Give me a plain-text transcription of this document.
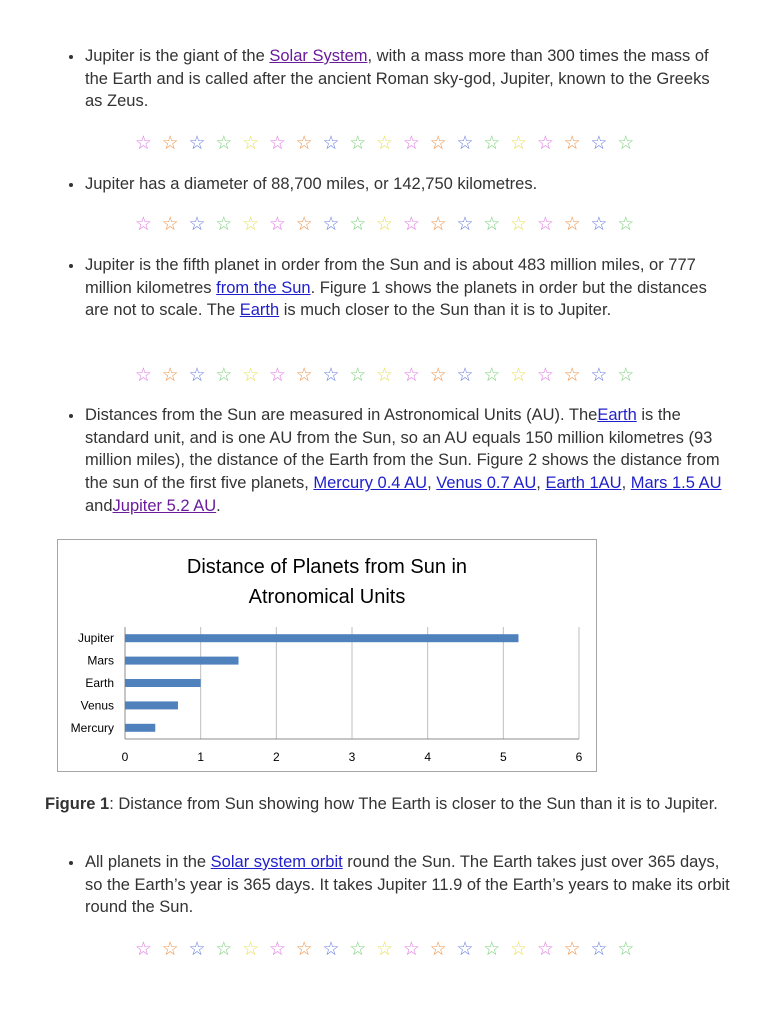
Jupiter is the giant of the Solar System, with a mass more than 300 times the mass of the Earth and is called after the ancient Roman sky-god, Jupiter, known to the Greeks as Zeus.
☆ ☆ ☆ ☆ ☆ ☆ ☆ ☆ ☆ ☆ ☆ ☆ ☆ ☆ ☆ ☆ ☆ ☆ ☆
Jupiter has a diameter of 88,700 miles, or 142,750 kilometres.
☆ ☆ ☆ ☆ ☆ ☆ ☆ ☆ ☆ ☆ ☆ ☆ ☆ ☆ ☆ ☆ ☆ ☆ ☆
Jupiter is the fifth planet in order from the Sun and is about 483 million miles, or 777 million kilometres from the Sun. Figure 1 shows the planets in order but the distances are not to scale. The Earth is much closer to the Sun than it is to Jupiter.
☆ ☆ ☆ ☆ ☆ ☆ ☆ ☆ ☆ ☆ ☆ ☆ ☆ ☆ ☆ ☆ ☆ ☆ ☆
Distances from the Sun are measured in Astronomical Units (AU). TheEarth is the standard unit, and is one AU from the Sun, so an AU equals 150 million kilometres (93 million miles), the distance of the Earth from the Sun. Figure 2 shows the distance from the sun of the first five planets, Mercury 0.4 AU, Venus 0.7 AU, Earth 1AU, Mars 1.5 AU andJupiter 5.2 AU.
Distance of Planets from Sun in
Atronomical Units
0	1	2	3	4	5	6
Mercury
Venus
Earth
Mars
Jupiter
Figure 1: Distance from Sun showing how The Earth is closer to the Sun than it is to Jupiter.
All planets in the Solar system orbit round the Sun. The Earth takes just over 365 days, so the Earth’s year is 365 days. It takes Jupiter 11.9 of the Earth’s years to make its orbit round the Sun.
☆ ☆ ☆ ☆ ☆ ☆ ☆ ☆ ☆ ☆ ☆ ☆ ☆ ☆ ☆ ☆ ☆ ☆ ☆
